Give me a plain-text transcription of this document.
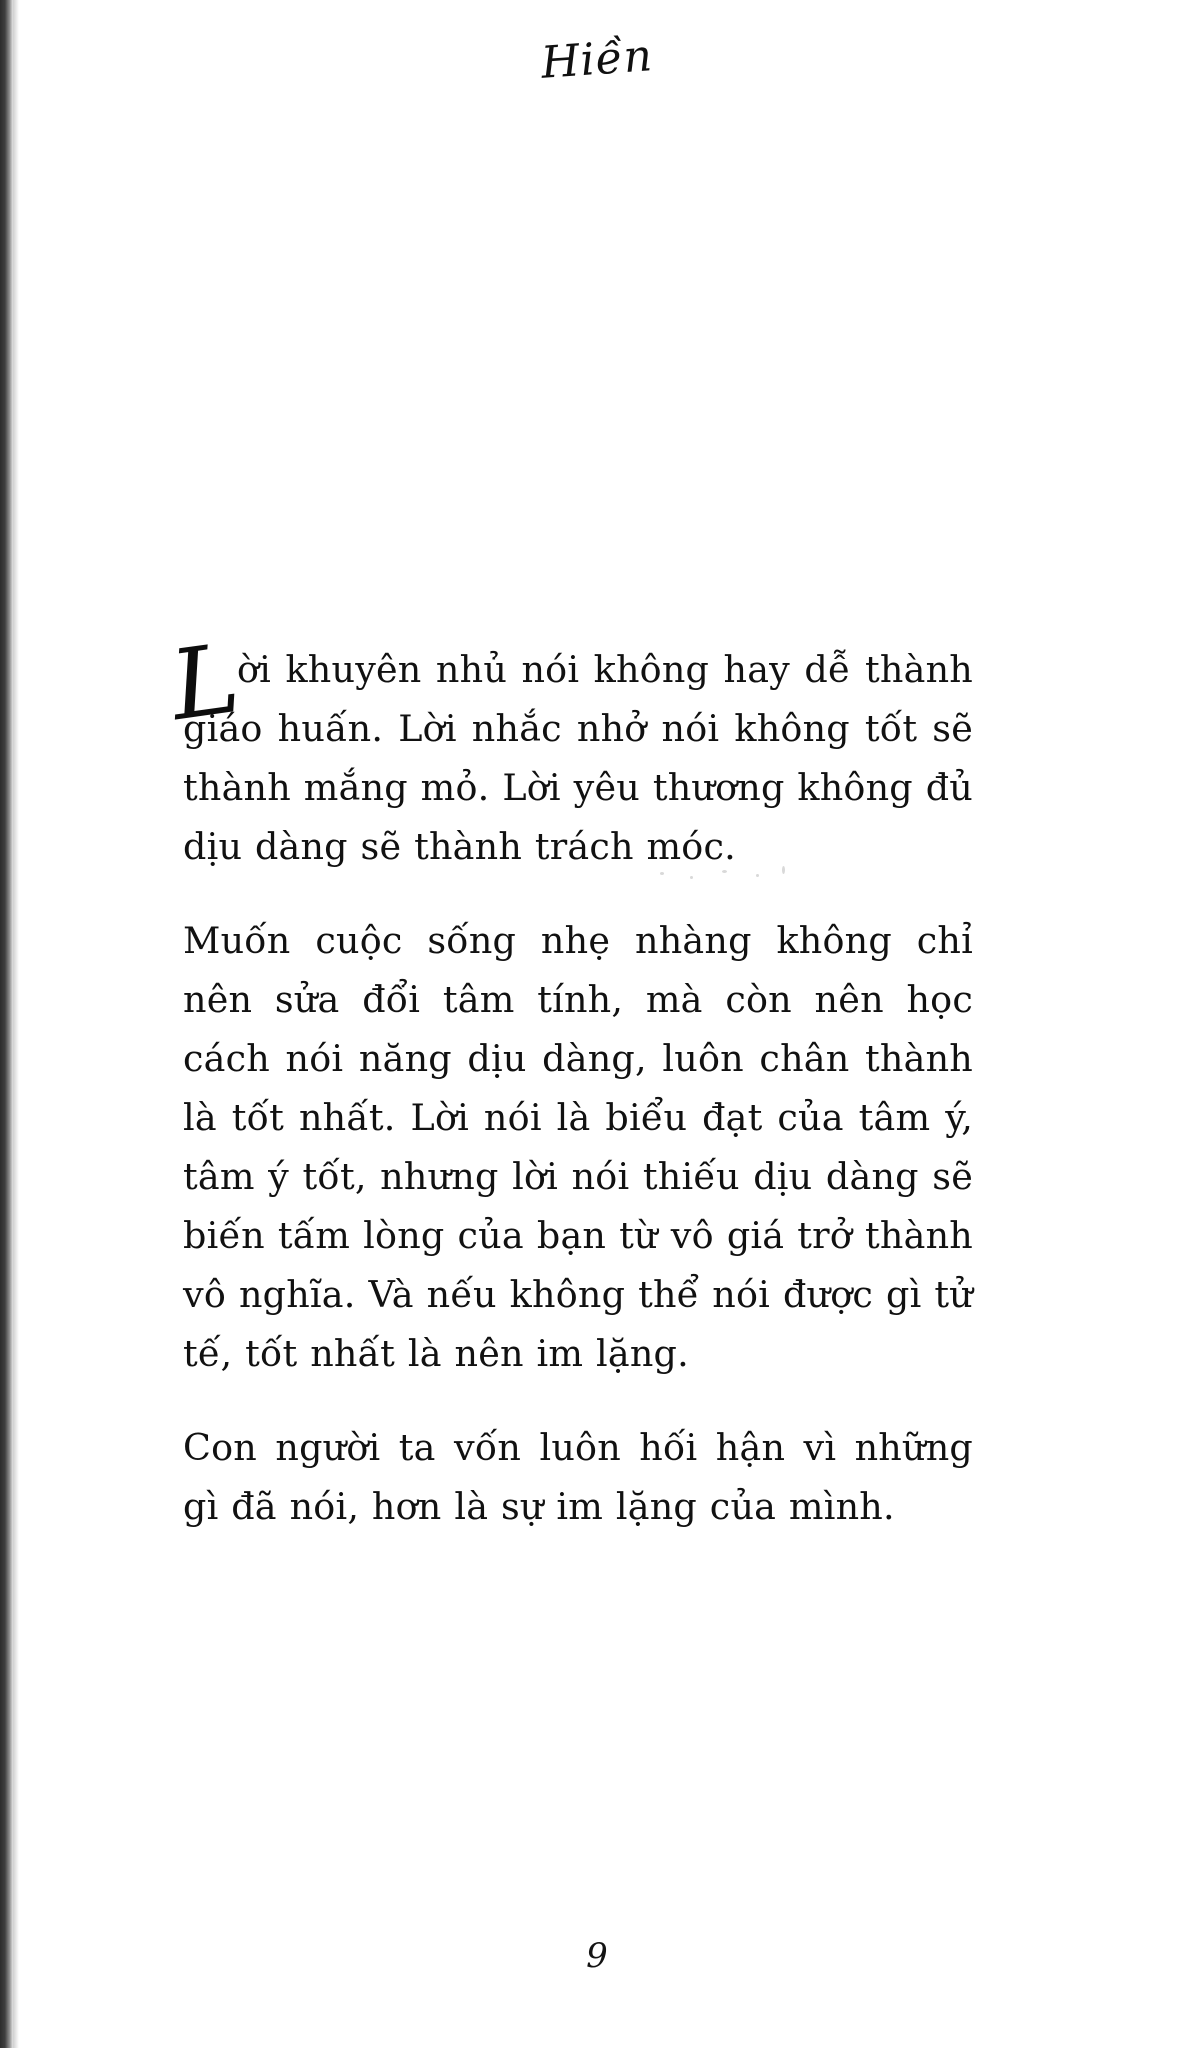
Hiền

L
ời khuyên nhủ nói không hay dễ thành giáo huấn. Lời nhắc nhở nói không tốt sẽ thành mắng mỏ. Lời yêu thương không đủ dịu dàng sẽ thành trách móc.

Muốn cuộc sống nhẹ nhàng không chỉ nên sửa đổi tâm tính, mà còn nên học cách nói năng dịu dàng, luôn chân thành là tốt nhất. Lời nói là biểu đạt của tâm ý, tâm ý tốt, nhưng lời nói thiếu dịu dàng sẽ biến tấm lòng của bạn từ vô giá trở thành vô nghĩa. Và nếu không thể nói được gì tử tế, tốt nhất là nên im lặng.

Con người ta vốn luôn hối hận vì những gì đã nói, hơn là sự im lặng của mình.

9
